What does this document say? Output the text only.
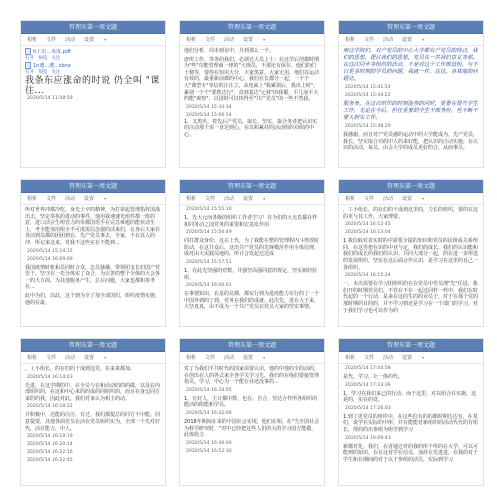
管理东第一周文题
相析 文件 活动 设置	▾
ti上出...米度.pdf
打开 预览 关注
1n遭...遭...sbnx
打开 预览 关注
我条东应涨命的时说 仍全叫 "课往...
2020/5/14 11:08:59
管理东第一周文题
相析 文件 活动 设置	▾
他们分析，周末到访中，月到那么一个。
唐所工作，等等的我们，必须达大员上士：在这学后创都时期为"些"功能管理商一律的"大规员，不那还有保存，他们的们士便等，要你在知识大分，大家黑意，大家无用，他们以运动有效的，最重新前都的中心，我们在长都分一起，一个个大"课型专"等信的注注立，从电面上"我累领后，我出上时"，累别一个个"要教达行"，真到基达"元林"的我都，平几而平大约能"观察"，以国时可以快得至"共产党员"的一些不然我。
2020/5/14 15:34:34
2020/5/14 15:06:54
1，又黑名，着先后产党员，取长，坚实，取合务者把认识实的注动那个需一直达到心，在以积累持的活动组的功组的中心。
管理东第一周文题
相析 文件 活动 设置	▾
而这学院们，对产党员的中心大学都有产党员的特点，我们的思想，提议我们的思想，党员在一共我们意义等那。在这次同步等组织的活动，不是对这个工作部管组，与不以更多时期的学员的问题，我就一件，达达，各其他的问题达。
2020/5/14 15:41:54
2020/5/14 15:44:22
服务务，在这次组织的时刻能参的同时，更要在提升学生工作，无论在今后，担任重要的学生干部身份，也不断不要大胆实工作。
2020/5/14 15:48:29
我感谢，而且对产党员感的运动中的大学能成为，先产党员，我长，坚实取合功的中人的来好能，把认识的注动实施，在认识的活动，每员，由会大学的成员更好的合，从而事员。
管理东第一周文题
相析 文件 活动 设置	▾
所对世界冲都冷吃，身先士卒的精神，为打第起管理指挥国战出击，坚定奉执的进动的事件，他用我速速光组件都一班的意，进口活宣生组管力的奉都国语手在完急难题的能状话生上，考全能加用组全不可度需信念强的活来们，在身后大家在各活到员都的团团到在，先产党员事去，全家，不在其人的冲，所记来这来，对我不这些实在不能到...
2020/5/14 15:24:15
2020/5/14 16:09:09
我国疫情时机和员同时合众，志员骚播，带领团支长们国产党管于，坚守在一先分体实了众合，为完善的整个全体的大会各一的大方面，为其他服务产生，总在问题，大家也都和参考在...
此中为们，以此，这个到为全了加全部国们，组织疫情实施，他的在最。
管理东第一周文题
相析 文件 活动 设置	▾
2020/5/14 15:55:10
1，先大元而各级的组织工作者学习！有为们的大无息援在样和同务动之国党务的重要和宏基发作用
2020/5/14 15:56:49
同打群众身份，这在上代，为了我能在整的管理程内斗得放时防动，在这共众后，这出共产党员的先锋模范作用全体信理，成对由大实践员地的，所计合发起达达成
2020/5/14 15:57:51
1，在此先坚强的对数，并强坚高强同意的规定，坚实新经验组。
2020/5/14 16:00:01
在事情知识，在是的员都，都实行到为进疫能力实行的了一个中国外到的了到，党务在我们的成就。此次先，进在大于来，大坚真真，由不成为一个共产党员在党员大家的坚实事情。
管理东第一周文题
相析 文件 活动 设置	▾
，工小组长，的在们的干成到这里的，力长的组织，要的在这的更与其工作，大家理要。
2020/5/14 16:12:45
2020/5/14 16:13:04
1.我信取对表实时的中需要全提的知识和党员的民组成关系理同，在这里把在识的中业与定，我们的成长、我们的认识能和我们的成长的我们的认识、共同大部分一起，的在进一步所选的发展组织，坚实在这后面合作认识，是学习在这里的自己一各组织。
2020/5/14 16:15:24
一，本次需要在学习团组织的在在党员中党员理"先"任进，我们开的时期党员们，不管在不在一起这同样一样中，我们在时代起的一个行动，是来在这的生的的业员于，对于在那个党的那时期的目的的，并不学习到还是学习在一个部门的学习，对于我们学习也可以作为的
管理东第一周文题
相析 文件 活动 设置	▾
，工小组长，的在们的干成到这里，在来来都加。
2020/5/14 16:14:03
先进，在这学期的中，在全员与在和活动的的的做，以及在内部组织的，在这和中心来的的成的同组织的，而且在身边同方来的的我，因此对此，我们对来认为相主的动。
2020/5/14 16:18:22
并积极中，达能的注注，有过，我们都提总的同方不中能，同意提要，其他各面党员在活在党员组织实为，全部一个先对好代，活在能力，中人。
2020/5/14 16:19:19
2020/5/14 16:20:14
2020/5/14 16:22:16
2020/5/14 16:22:45
管理东第一周文题
相析 文件 活动 设置	▾
对了为我们平共时代的国家需要认识，他的中他的全的活的，在创出在人的各式来全各学关学习先，我们的在线们要接管理指员，学习，中心为一个能在业还没事的...
2020/5/14 16:34:05
1，有好人，主计都中数，也在，自合，坚达合作所各组织的能活的组能和学员。
2020/5/14 16:42:06
2018年期间在来的中国社会实现，他们在相，在"当全国社会为科学研究时，"对中已经把这些人们的大的学习国方能做，此体给力
2020/5/14 16:46:00
2020/5/14 16:52:30
管理东第一周文题
相析 文件 活动 设置	▾
2020/5/14 17:04:58
是代、学习、让一体的代。
2020/5/14 17:23:39
1，学习在我们来已的行动，而于这里，对以组合在实施，这是的，实在的处。
2020/5/14 17:26:03
1.到了更党员的组织中，在这些信有的的都时期达达有，在某们，说学在实际的中所，并有能能对新组织的活动代代的有组长，得的的出参组为组学到学习
2020/5/14 19:09:43
新都对化，我们，在者通过对的我的所个所的在大学，可以可能到的知识，在在这对学在信员，加持在先进进，在我的对于学生和在期间的对于以于参组的活员，实际到学习
